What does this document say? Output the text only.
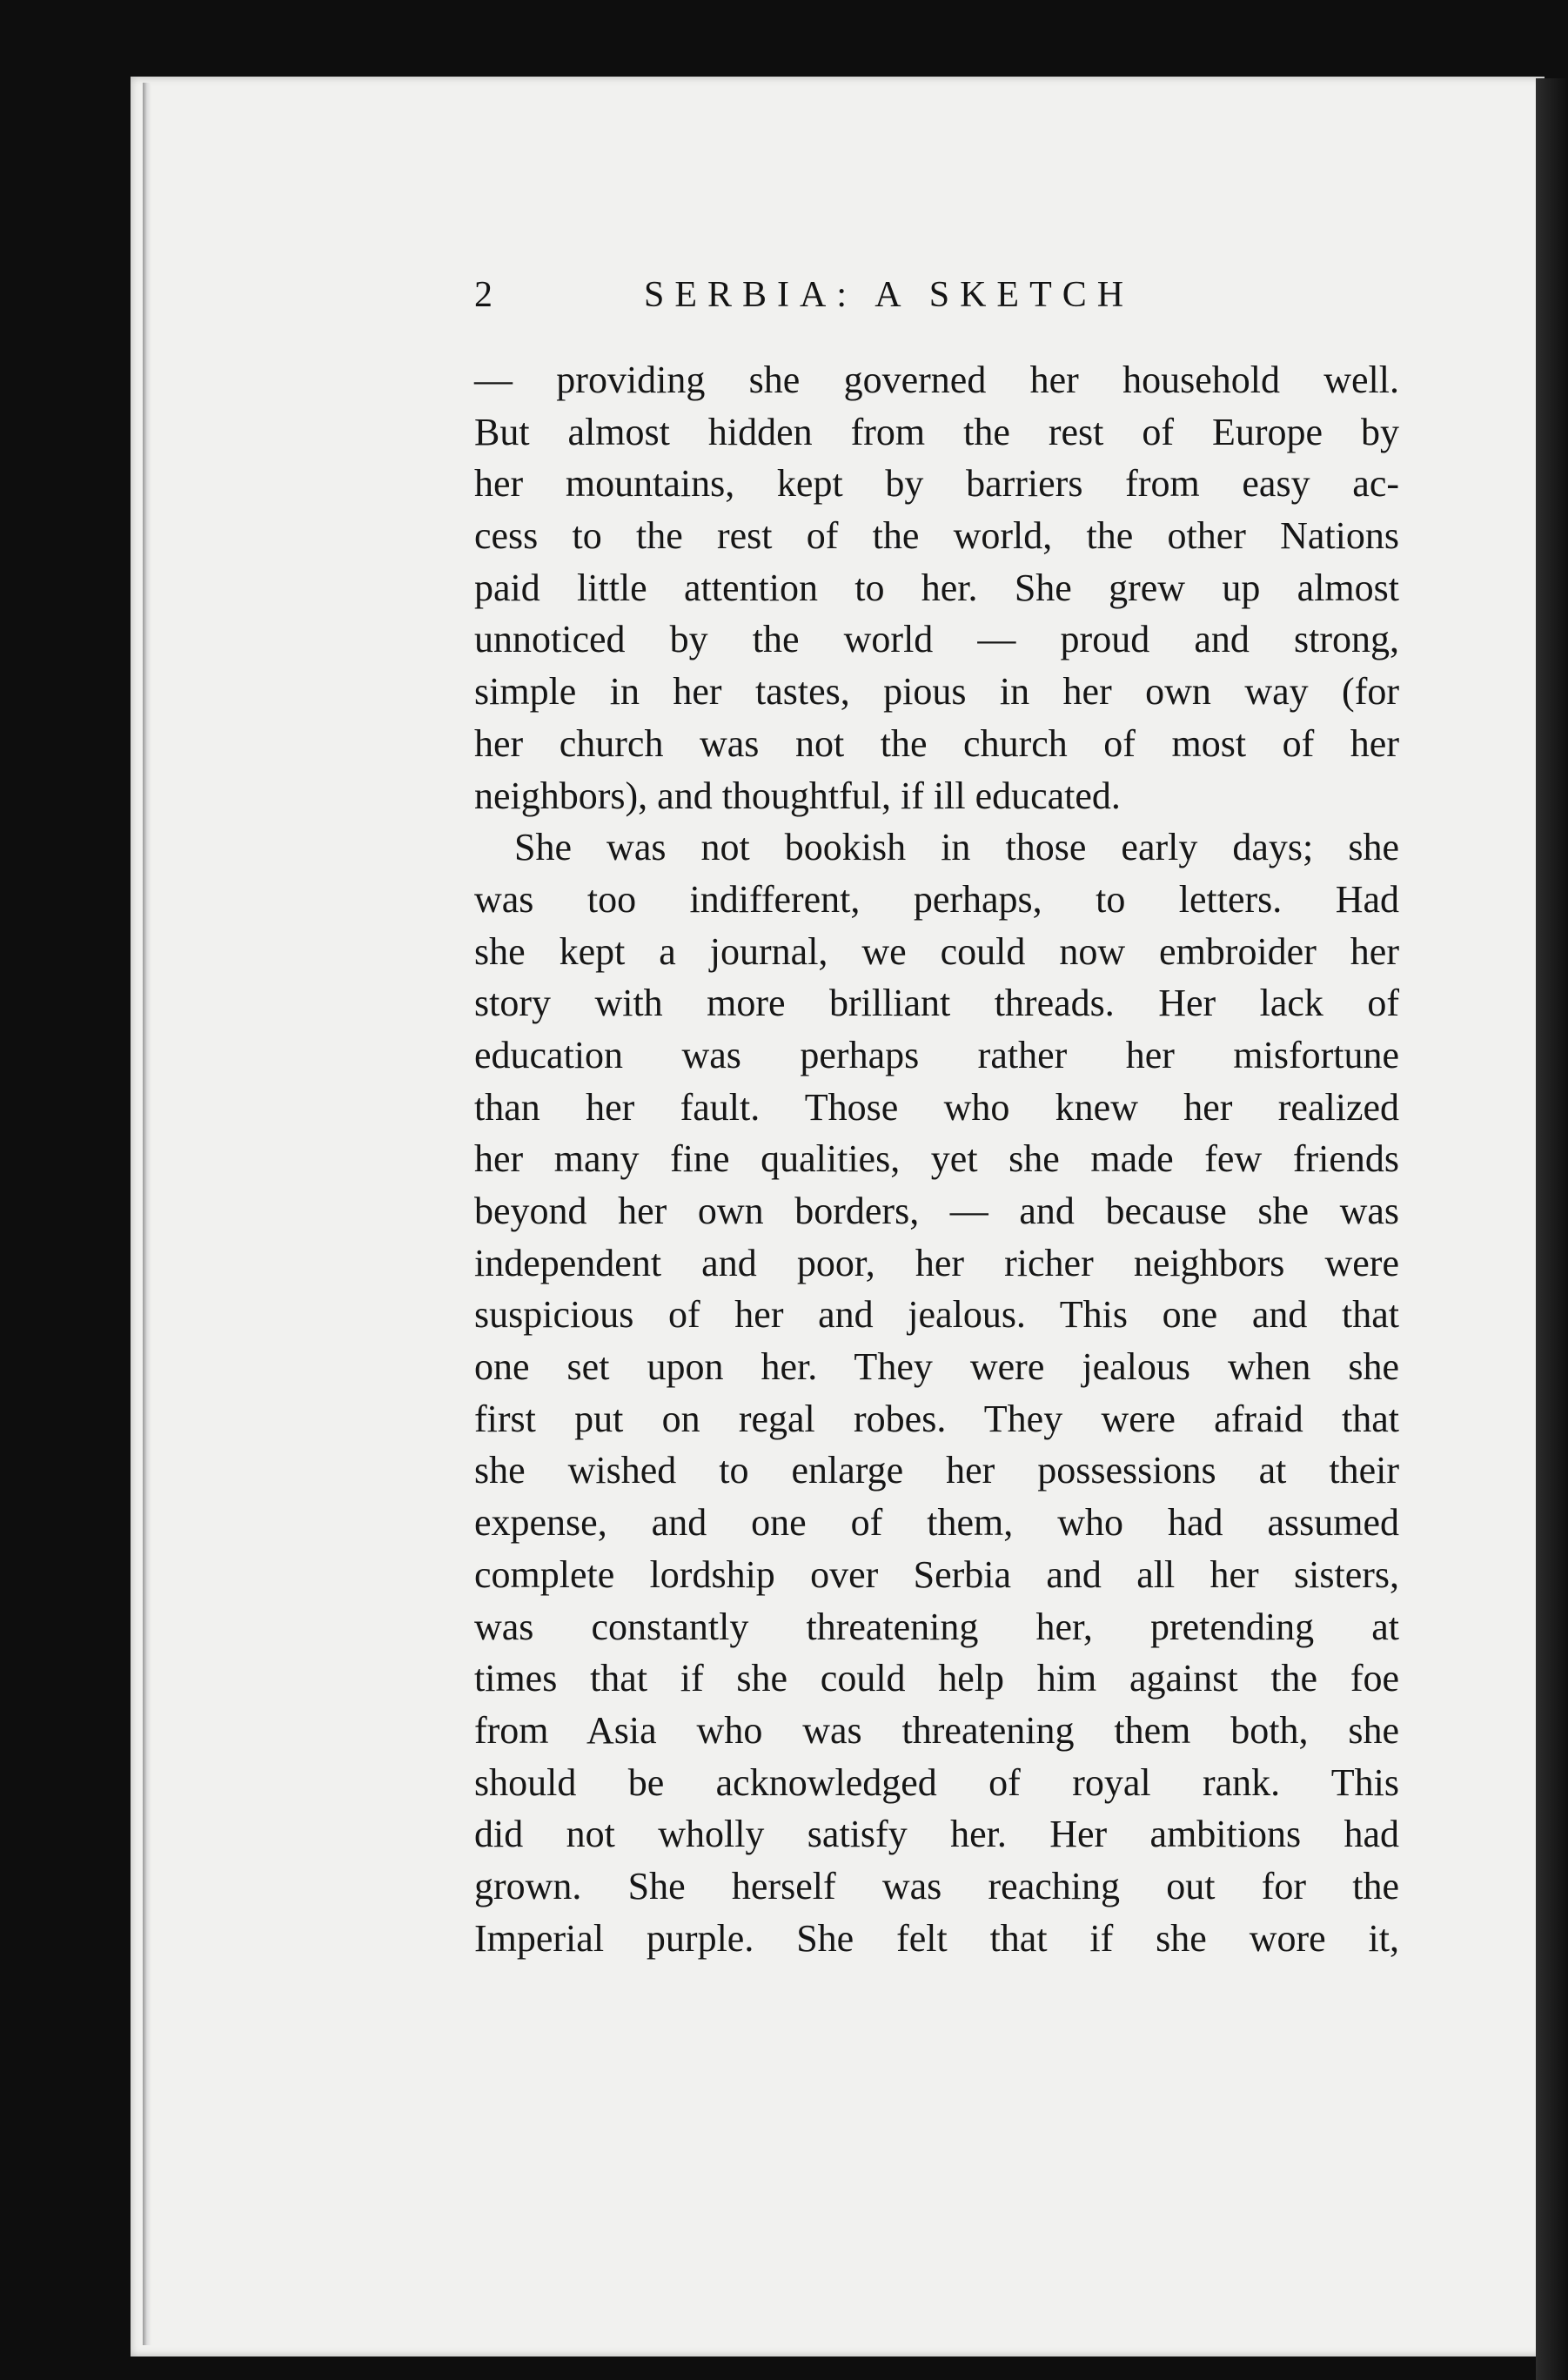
2	SERBIA: A SKETCH
— providing she governed her household well.
But almost hidden from the rest of Europe by
her mountains, kept by barriers from easy ac-
cess to the rest of the world, the other Nations
paid little attention to her. She grew up almost
unnoticed by the world — proud and strong,
simple in her tastes, pious in her own way (for
her church was not the church of most of her
neighbors), and thoughtful, if ill educated.
She was not bookish in those early days; she
was too indifferent, perhaps, to letters. Had
she kept a journal, we could now embroider her
story with more brilliant threads. Her lack of
education was perhaps rather her misfortune
than her fault. Those who knew her realized
her many fine qualities, yet she made few friends
beyond her own borders, — and because she was
independent and poor, her richer neighbors were
suspicious of her and jealous. This one and that
one set upon her. They were jealous when she
first put on regal robes. They were afraid that
she wished to enlarge her possessions at their
expense, and one of them, who had assumed
complete lordship over Serbia and all her sisters,
was constantly threatening her, pretending at
times that if she could help him against the foe
from Asia who was threatening them both, she
should be acknowledged of royal rank. This
did not wholly satisfy her. Her ambitions had
grown. She herself was reaching out for the
Imperial purple. She felt that if she wore it,
